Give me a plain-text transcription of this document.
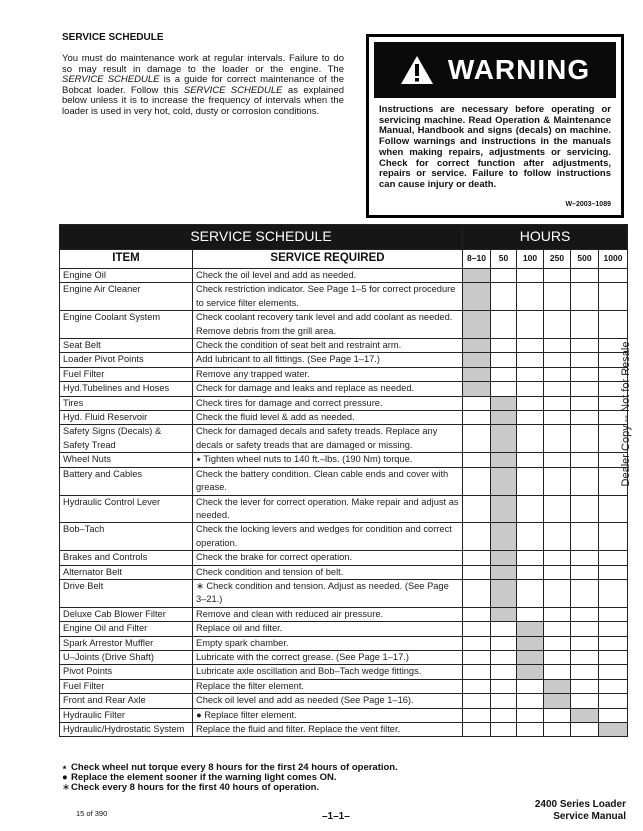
SERVICE SCHEDULE
You must do maintenance work at regular intervals. Failure to do so may result in damage to the loader or the engine. The SERVICE SCHEDULE is a guide for correct maintenance of the Bobcat loader. Follow this SERVICE SCHEDULE as explained below unless it is to increase the frequency of intervals when the loader is used in very hot, cold, dusty or corrosion conditions.
WARNING
Instructions are necessary before operating or servicing machine. Read Operation & Maintenance Manual, Handbook and signs (decals) on machine. Follow warnings and instructions in the manuals when making repairs, adjustments or servicing. Check for correct function after adjustments, repairs or service. Failure to follow instructions can cause injury or death.
W–2003–1089
SERVICE SCHEDULE		HOURS					
ITEM	SERVICE REQUIRED	8–10	50	100	250	500	1000
Engine Oil	Check the oil level and add as needed.						
Engine Air Cleaner	Check restriction indicator. See Page 1–5 for correct procedure to service filter elements.						
Engine Coolant System	Check coolant recovery tank level and add coolant as needed. Remove debris from the grill area.						
Seat Belt	Check the condition of seat belt and restraint arm.						
Loader Pivot Points	Add lubricant to all fittings. (See Page 1–17.)						
Fuel Filter	Remove any trapped water.						
Hyd.Tubelines and Hoses	Check for damage and leaks and replace as needed.						
Tires	Check tires for damage and correct pressure.						
Hyd. Fluid Reservoir	Check the fluid level & add as needed.						
Safety Signs (Decals) & Safety Tread	Check for damaged decals and safety treads. Replace any decals or safety treads that are damaged or missing.						
Wheel Nuts	⭑ Tighten wheel nuts to 140 ft.–lbs. (190 Nm) torque.						
Battery and Cables	Check the battery condition. Clean cable ends and cover with grease.						
Hydraulic Control Lever	Check the lever for correct operation. Make repair and adjust as needed.						
Bob–Tach	Check the locking levers and wedges for condition and correct operation.						
Brakes and Controls	Check the brake for correct operation.						
Alternator Belt	Check condition and tension of belt.						
Drive Belt	∗ Check condition and tension. Adjust as needed. (See Page 3–21.)						
Deluxe Cab Blower Filter	Remove and clean with reduced air pressure.						
Engine Oil and Filter	Replace oil and filter.						
Spark Arrestor Muffler	Empty spark chamber.						
U–Joints (Drive Shaft)	Lubricate with the correct grease. (See Page 1–17.)						
Pivot Points	Lubricate axle oscillation and Bob–Tach wedge fittings.						
Fuel Filter	Replace the filter element.						
Front and Rear Axle	Check oil level and add as needed (See Page 1–16).						
Hydraulic Filter	● Replace filter element.						
Hydraulic/Hydrostatic System	Replace the fluid and filter. Replace the vent filter.						
⭑ Check wheel nut torque every 8 hours for the first 24 hours of operation.
● Replace the element sooner if the warning light comes ON.
∗Check every 8 hours for the first 40 hours of operation.
15 of 390	–1–1–
2400 Series Loader
Service Manual
Dealer Copy -- Not for Resale
